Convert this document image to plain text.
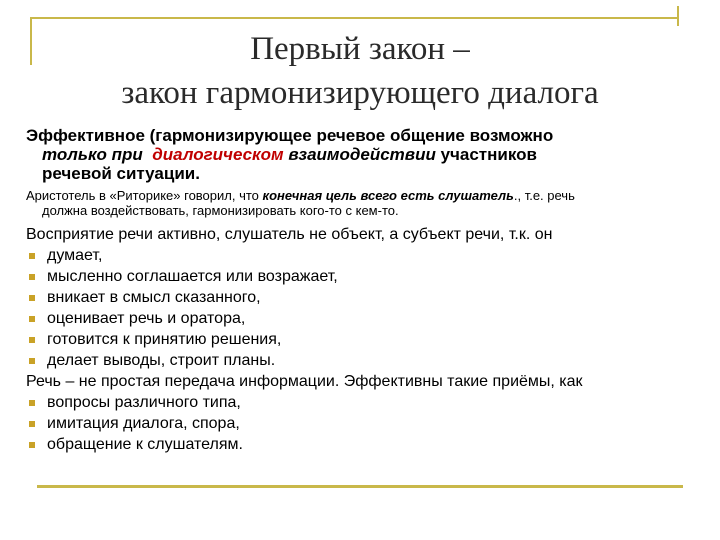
Первый закон –
закон гармонизирующего диалога

Эффективное (гармонизирующее речевое общение возможно
только при диалогическом взаимодействии участников
речевой ситуации.

Аристотель в «Риторике» говорил, что конечная цель всего есть слушатель., т.е. речь
должна воздействовать, гармонизировать кого-то с кем-то.
Восприятие речи активно, слушатель не объект, а субъект речи, т.к. он
думает,
мысленно соглашается или возражает,
вникает в смысл сказанного,
оценивает речь и оратора,
готовится к принятию решения,
делает выводы, строит планы.
Речь – не простая передача информации. Эффективны такие приёмы, как
вопросы различного типа,
имитация диалога, спора,
обращение к слушателям.
